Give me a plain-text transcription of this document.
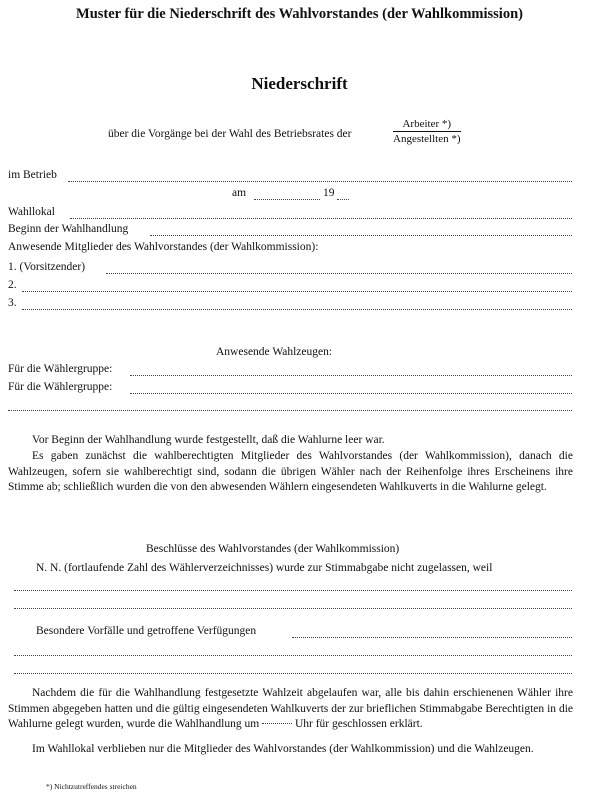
Muster für die Niederschrift des Wahlvorstandes (der Wahlkommission)
Niederschrift
über die Vorgänge bei der Wahl des Betriebsrates der
Arbeiter *)
Angestellten *)
im Betrieb
am	19
Wahllokal
Beginn der Wahlhandlung
Anwesende Mitglieder des Wahlvorstandes (der Wahlkommission):
1. (Vorsitzender)
2.
3.
Anwesende Wahlzeugen:
Für die Wählergruppe:
Für die Wählergruppe:
Vor Beginn der Wahlhandlung wurde festgestellt, daß die Wahlurne leer war.
Es gaben zunächst die wahlberechtigten Mitglieder des Wahlvorstandes (der Wahlkommission), danach die Wahlzeugen, sofern sie wahlberechtigt sind, sodann die übrigen Wähler nach der Reihenfolge ihres Erscheinens ihre Stimme ab; schließlich wurden die von den abwesenden Wählern eingesendeten Wahlkuverts in die Wahlurne gelegt.
Beschlüsse des Wahlvorstandes (der Wahlkommission)
N. N. (fortlaufende Zahl des Wählerverzeichnisses) wurde zur Stimmabgabe nicht zugelassen, weil
Besondere Vorfälle und getroffene Verfügungen
Nachdem die für die Wahlhandlung festgesetzte Wahlzeit abgelaufen war, alle bis dahin erschienenen Wähler ihre Stimmen abgegeben hatten und die gültig eingesendeten Wahlkuverts der zur brieflichen Stimmabgabe Berechtigten in die Wahlurne gelegt wurden, wurde die Wahlhandlung um	Uhr für geschlossen erklärt.
Im Wahllokal verblieben nur die Mitglieder des Wahlvorstandes (der Wahlkommission) und die Wahlzeugen.
*) Nichtzutreffendes streichen
